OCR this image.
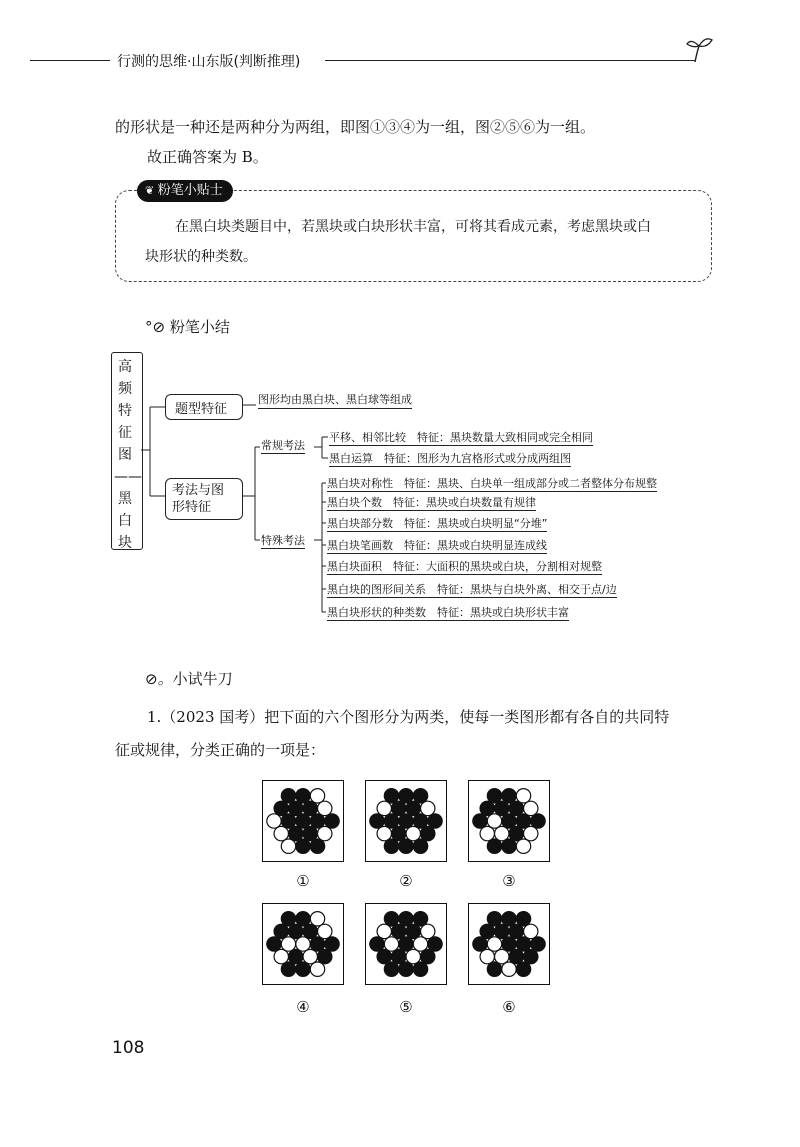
行测的思维·山东版(判断推理)
的形状是一种还是两种分为两组，即图①③④为一组，图②⑤⑥为一组。
故正确答案为 B。
❦ 粉笔小贴士
在黑白块类题目中，若黑块或白块形状丰富，可将其看成元素，考虑黑块或白
块形状的种类数。
°⊘ 粉笔小结
高频特征图——黑白块
题型特征
图形均由黑白块、黑白球等组成
考法与图形特征
常规考法
特殊考法
平移、相邻比较　特征：黑块数量大致相同或完全相同
黑白运算　特征：图形为九宫格形式或分成两组图
黑白块对称性　特征：黑块、白块单一组成部分或二者整体分布规整
黑白块个数　特征：黑块或白块数量有规律
黑白块部分数　特征：黑块或白块明显“分堆”
黑白块笔画数　特征：黑块或白块明显连成线
黑白块面积　特征：大面积的黑块或白块，分割相对规整
黑白块的图形间关系　特征：黑块与白块外离、相交于点/边
黑白块形状的种类数　特征：黑块或白块形状丰富
⊘。小试牛刀
1.（2023 国考）把下面的六个图形分为两类，使每一类图形都有各自的共同特
征或规律，分类正确的一项是：
①	②	③
④	⑤	⑥
108
